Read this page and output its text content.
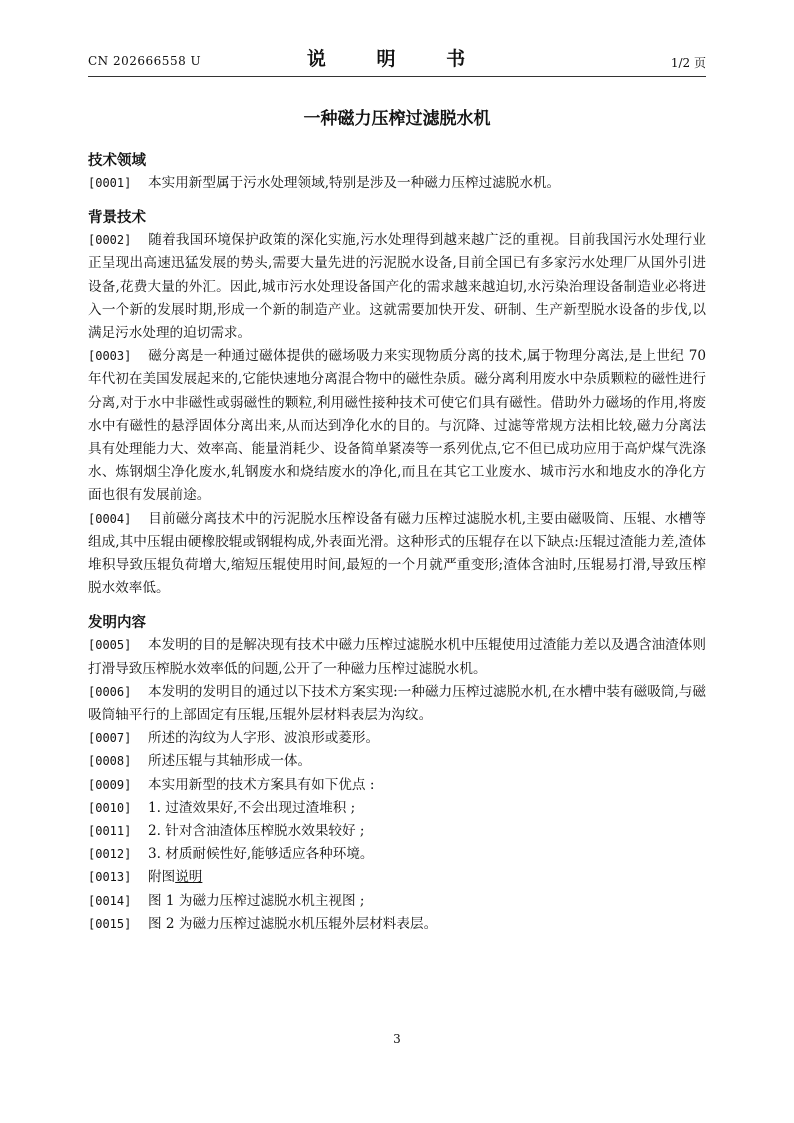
CN 202666558 U	说 明 书	1/2 页
一种磁力压榨过滤脱水机
技术领域
[0001] 本实用新型属于污水处理领域,特别是涉及一种磁力压榨过滤脱水机。
背景技术
[0002] 随着我国环境保护政策的深化实施,污水处理得到越来越广泛的重视。目前我国污水处理行业正呈现出高速迅猛发展的势头,需要大量先进的污泥脱水设备,目前全国已有多家污水处理厂从国外引进设备,花费大量的外汇。因此,城市污水处理设备国产化的需求越来越迫切,水污染治理设备制造业必将进入一个新的发展时期,形成一个新的制造产业。这就需要加快开发、研制、生产新型脱水设备的步伐,以满足污水处理的迫切需求。
[0003] 磁分离是一种通过磁体提供的磁场吸力来实现物质分离的技术,属于物理分离法,是上世纪 70 年代初在美国发展起来的,它能快速地分离混合物中的磁性杂质。磁分离利用废水中杂质颗粒的磁性进行分离,对于水中非磁性或弱磁性的颗粒,利用磁性接种技术可使它们具有磁性。借助外力磁场的作用,将废水中有磁性的悬浮固体分离出来,从而达到净化水的目的。与沉降、过滤等常规方法相比较,磁力分离法具有处理能力大、效率高、能量消耗少、设备简单紧凑等一系列优点,它不但已成功应用于高炉煤气洗涤水、炼钢烟尘净化废水,轧钢废水和烧结废水的净化,而且在其它工业废水、城市污水和地皮水的净化方面也很有发展前途。
[0004] 目前磁分离技术中的污泥脱水压榨设备有磁力压榨过滤脱水机,主要由磁吸筒、压辊、水槽等组成,其中压辊由硬橡胶辊或钢辊构成,外表面光滑。这种形式的压辊存在以下缺点:压辊过渣能力差,渣体堆积导致压辊负荷增大,缩短压辊使用时间,最短的一个月就严重变形;渣体含油时,压辊易打滑,导致压榨脱水效率低。
发明内容
[0005] 本发明的目的是解决现有技术中磁力压榨过滤脱水机中压辊使用过渣能力差以及遇含油渣体则打滑导致压榨脱水效率低的问题,公开了一种磁力压榨过滤脱水机。
[0006] 本发明的发明目的通过以下技术方案实现:一种磁力压榨过滤脱水机,在水槽中装有磁吸筒,与磁吸筒轴平行的上部固定有压辊,压辊外层材料表层为沟纹。
[0007] 所述的沟纹为人字形、波浪形或菱形。
[0008] 所述压辊与其轴形成一体。
[0009] 本实用新型的技术方案具有如下优点 :
[0010] 1. 过渣效果好,不会出现过渣堆积 ;
[0011] 2. 针对含油渣体压榨脱水效果较好 ;
[0012] 3. 材质耐候性好,能够适应各种环境。
[0013] 附图说明
[0014] 图 1 为磁力压榨过滤脱水机主视图 ;
[0015] 图 2 为磁力压榨过滤脱水机压辊外层材料表层。
3
